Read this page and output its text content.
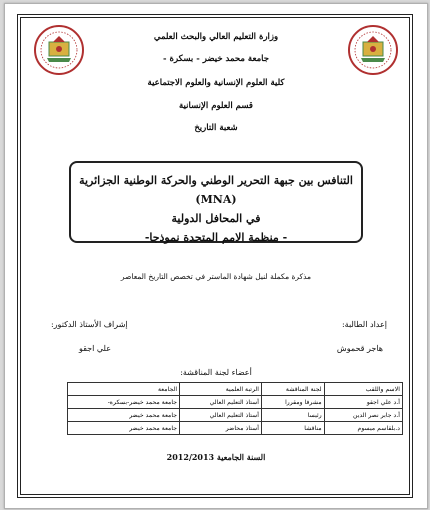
وزارة التعليم العالي والبحث العلمي
جامعة محمد خيضر - بسكرة -
كلية العلوم الإنسانية والعلوم الاجتماعية
قسم العلوم الإنسانية
شعبة التاريخ
التنافس بين جبهة التحرير الوطني والحركة الوطنية الجزائرية (MNA)
في المحافل الدولية
- منظمة الامم المتحدة نموذجا-
مذكرة مكملة لنيل شهادة الماستر في تخصص التاريخ المعاصر
إعداد الطالبة:
هاجر قحموش
إشراف الأستاذ الدكتور:
علي اجقو
أعضاء لجنة المناقشة:
الاسم واللقب	لجنة المناقشة	الرتبة العلمية	الجامعة
أ.د علي اجقو	مشرفا ومقررا	أستاذ التعليم العالي	جامعة محمد خيضر-بسكرة-
أ.د جابر نصر الدين	رئيسا	أستاذ التعليم العالي	جامعة محمد خيضر
د.بلقاسم ميسوم	مناقشا	أستاذ محاضر	جامعة محمد خيضر
السنة الجامعية 2012/2013
